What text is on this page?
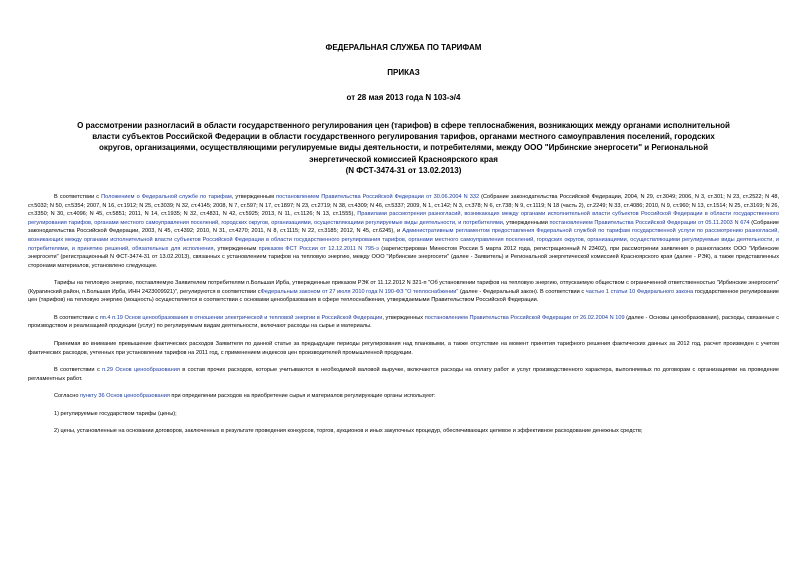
ФЕДЕРАЛЬНАЯ СЛУЖБА ПО ТАРИФАМ
ПРИКАЗ
от 28 мая 2013 года N 103-э/4
О рассмотрении разногласий в области государственного регулирования цен (тарифов) в сфере теплоснабжения, возникающих между органами исполнительной
власти субъектов Российской Федерации в области государственного регулирования тарифов, органами местного самоуправления поселений, городских
округов, организациями, осуществляющими регулируемые виды деятельности, и потребителями, между ООО "Ирбинские энергосети" и Региональной
энергетической комиссией Красноярского края
(N ФСТ-3474-31 от 13.02.2013)

В соответствии с Положением о Федеральной службе по тарифам, утвержденным постановлением Правительства Российской Федерации от 30.06.2004 N 332 (Собрание законодательства Российской Федерации, 2004, N 29, ст.3049; 2006, N 3, ст.301; N 23, ст.2522; N 48, ст.5032; N 50, ст.5354; 2007, N 16, ст.1912; N 25, ст.3039; N 32, ст.4145; 2008, N 7, ст.597; N 17, ст.1897; N 23, ст.2719; N 38, ст.4309; N 46, ст.5337; 2009, N 1, ст.142; N 3, ст.378; N 6, ст.738; N 9, ст.1119; N 18 (часть 2), ст.2249; N 33, ст.4086; 2010, N 9, ст.960; N 13, ст.1514; N 25, ст.3169; N 26, ст.3350; N 30, ст.4096; N 45, ст.5851; 2011, N 14, ст.1935; N 32, ст.4831, N 42, ст.5925; 2013, N 11, ст.1126; N 13, ст.1555), Правилами рассмотрения разногласий, возникающих между органами исполнительной власти субъектов Российской Федерации в области государственного регулирования тарифов, органами местного самоуправления поселений, городских округов, организациями, осуществляющими регулируемые виды деятельности, и потребителями, утвержденными постановлением Правительства Российской Федерации от 05.11.2003 N 674 (Собрание законодательства Российской Федерации, 2003, N 45, ст.4392; 2010, N 31, ст.4270; 2011, N 8, ст.1115; N 22, ст.3185; 2012, N 45, ст.6245), и Административным регламентом предоставления Федеральной службой по тарифам государственной услуги по рассмотрению разногласий, возникающих между органами исполнительной власти субъектов Российской Федерации в области государственного регулирования тарифов, органами местного самоуправления поселений, городских округов, организациями, осуществляющими регулируемые виды деятельности, и потребителями, и принятию решений, обязательных для исполнения, утвержденным приказом ФСТ России от 12.12.2011 N 795-э (зарегистрирован Минюстом России 5 марта 2012 года, регистрационный N 23402), при рассмотрении заявления о разногласиях ООО "Ирбинские энергосети" (регистрационный N ФСТ-3474-31 от 13.02.2013), связанных с установлением тарифов на тепловую энергию, между ООО "Ирбинские энергосети" (далее - Заявитель) и Региональной энергетической комиссией Красноярского края (далее - РЭК), а также представленных сторонами материалов, установлено следующее.

Тарифы на тепловую энергию, поставляемую Заявителем потребителям п.Большая Ирба, утвержденные приказом РЭК от 11.12.2012 N 321-п "Об установлении тарифов на тепловую энергию, отпускаемую обществом с ограниченной ответственностью "Ирбинские энергосети" (Курагинский район, п.Большая Ирба, ИНН 2423009921)", регулируются в соответствии сФедеральным законом от 27 июля 2010 года N 190-ФЗ "О теплоснабжении" (далее - Федеральный закон). В соответствии с частью 1 статьи 10 Федерального закона государственное регулирование цен (тарифов) на тепловую энергию (мощность) осуществляется в соответствии с основами ценообразования в сфере теплоснабжения, утверждаемыми Правительством Российской Федерации.

В соответствии с пп.4 п.19 Основ ценообразования в отношении электрической и тепловой энергии в Российской Федерации, утвержденных постановлением Правительства Российской Федерации от 26.02.2004 N 109 (далее - Основы ценообразования), расходы, связанные с производством и реализацией продукции (услуг) по регулируемым видам деятельности, включают расходы на сырье и материалы.

Принимая во внимание превышение фактических расходов Заявителя по данной статье за предыдущие периоды регулирования над плановыми, а также отсутствие на момент принятия тарифного решения фактических данных за 2012 год, расчет произведен с учетом фактических расходов, учтенных при установлении тарифов на 2011 год, с применением индексов цен производителей промышленной продукции.

В соответствии с п.29 Основ ценообразования в состав прочих расходов, которые учитываются в необходимой валовой выручке, включаются расходы на оплату работ и услуг производственного характера, выполняемых по договорам с организациями на проведение регламентных работ.

Согласно пункту 36 Основ ценообразования при определении расходов на приобретение сырья и материалов регулирующие органы используют:

1) регулируемые государством тарифы (цены);

2) цены, установленные на основании договоров, заключенных в результате проведения конкурсов, торгов, аукционов и иных закупочных процедур, обеспечивающих целевое и эффективное расходование денежных средств;
